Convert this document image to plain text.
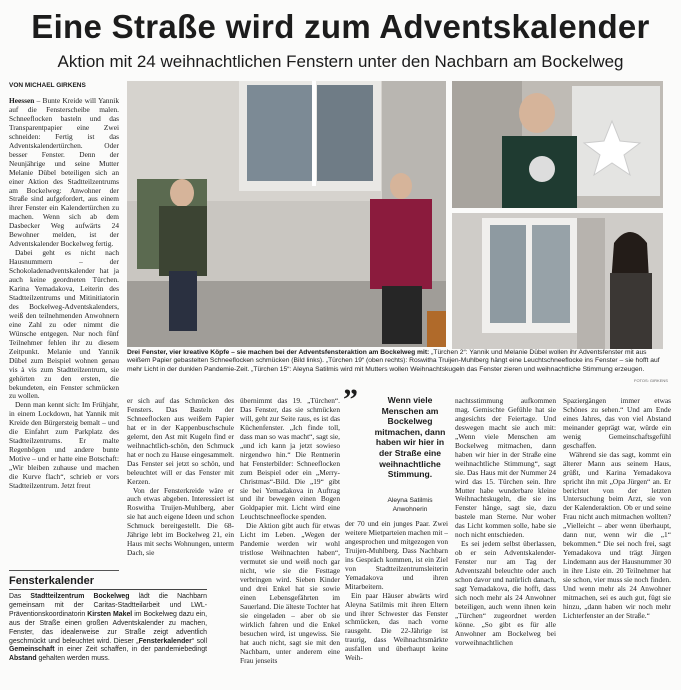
Eine Straße wird zum Adventskalender
Aktion mit 24 weihnachtlichen Fenstern unter den Nachbarn am Bockelweg
VON MICHAEL GIRKENS
Drei Fenster, vier kreative Köpfe – sie machen bei der Adventsfensteraktion am Bockelweg mit: „Türchen 2“: Yannik und Melanie Dübel wollen ihr Adventsfenster mit aus weißem Papier gebastelten Schneeflocken schmücken (Bild links). „Türchen 19“ (oben rechts): Roswitha Truijen-Muhlberg hängt eine Leuchtschneeflocke ins Fenster – sie hofft auf mehr Licht in der dunklen Pandemie-Zeit. „Türchen 15“: Aleyna Satilmis wird mit Mutters wollen Weihnachtskugeln das Fenster zieren und weihnachtliche Stimmung erzeugen.
FOTOS: GIRKENS

Heessen – Bunte Kreide will Yannik auf die Fensterscheibe malen. Schneeflocken basteln und das Transparentpapier eine Zwei schneiden: Fertig ist das Adventskalendertürchen. Oder besser Fenster. Denn der Neunjährige und seine Mutter Melanie Dübel beteiligen sich an einer Aktion des Stadtteilzentrums am Bockelweg: Anwohner der Straße sind aufgefordert, aus einem ihrer Fenster ein Kalendertürchen zu machen. Wenn sich ab dem Dasbecker Weg aufwärts 24 Bewohner melden, ist der Adventskalender Bockelweg fertig.

Dabei geht es nicht nach Hausnummern – der Schokoladenadventskalender hat ja auch keine geordneten Türchen. Karina Yemadakova, Leiterin des Stadtteilzentrums und Mitinitiatorin des Bockelweg-Adventskalenders, weiß den teilnehmenden Anwohnern eine Zahl zu oder nimmt die Wünsche entgegen. Nur noch fünf Teilnehmer fehlen ihr zu diesem Zeitpunkt. Melanie und Yannik Dübel zum Beispiel wohnen genau vis à vis zum Stadtteilzentrum, sie gehörten zu den ersten, die bekundeten, ein Fenster schmücken zu wollen.

Denn man kennt sich: Im Frühjahr, in einem Lockdown, hat Yannik mit Kreide den Bürgersteig bemalt – und die Einfahrt zum Parkplatz des Stadtteilzentrums. Er malte Regenbögen und andere bunte Motive – und er hatte eine Botschaft: „Wir bleiben zuhause und machen die Kurve flach“, schrieb er vors Stadtteilzentrum. Jetzt freut

Fensterkalender
Das Stadtteilzentrum Bockelweg lädt die Nachbarn gemeinsam mit der Caritas-Stadtteilarbeit und LWL-Präventionskoordinatorin Kirsten Makel im Bockelweg dazu ein, aus der Straße einen großen Adventskalender zu machen, Fenster, das idealerweise zur Straße zeigt adventlich geschmückt und beleuchtet wird. Dieser „Fensterkalender“ soll Gemeinschaft in einer Zeit schaffen, in der pandemiebedingt Abstand gehalten werden muss.

er sich auf das Schmücken des Fensters. Das Basteln der Schneeflocken aus weißem Papier hat er in der Kappenbuschschule gelernt, den Ast mit Kugeln find er weihnachtlich-schön, den Schmuck hat er noch zu Hause eingesammelt. Das Fenster sei jetzt so schön, und beleuchtet will er das Fenster mit Kerzen.

Von der Fensterkreide wäre er auch etwas abgeben. Interessiert ist Roswitha Truijen-Muhlberg, aber sie hat auch eigene Ideen und schon Schmuck bereitgestellt. Die 68-Jährige lebt im Bockelweg 21, ein Haus mit sechs Wohnungen, unterm Dach, sie

übernimmt das 19. „Türchen“. Das Fenster, das sie schmücken will, geht zur Seite raus, es ist das Küchenfenster. „Ich finde toll, dass man so was macht“, sagt sie, „und ich kann ja jetzt sowieso nirgendwo hin.“ Die Rentnerin hat Fensterbilder: Schneeflocken zum Beispiel oder ein „Merry-Christmas“-Bild. Die „19“ gibt sie bei Yemadakova in Auftrag und ihr bewegen einen Bogen Goldpapier mit. Licht wird eine Leuchtschneeflocke spenden.

Die Aktion gibt auch für etwas Licht im Leben. „Wegen der Pandemie werden wir wohl tristlose Weihnachten haben“, vermutet sie und weiß noch gar nicht, wie sie die Festtage verbringen wird. Sieben Kinder und drei Enkel hat sie sowie einen Lebensgefährten im Sauerland. Die älteste Tochter hat sie eingeladen – aber ob sie wirklich fahren und die Enkel besuchen wird, ist ungewiss. Sie hat auch nicht, sagt sie mit den Nachbarn, unter anderem eine Frau jenseits

”	Wenn viele Menschen am Bockelweg mitmachen, dann haben wir hier in der Straße eine weihnachtliche Stimmung.
Aleyna Satilmis
Anwohnerin

der 70 und ein junges Paar. Zwei weitere Mietparteien machen mit – angesprochen und mitgezogen von Truijen-Muhlberg. Dass Nachbarn ins Gespräch kommen, ist ein Ziel von Stadtteilzentrumsleiterin Yemadakova und ihren Mitarbeitern.

Ein paar Häuser abwärts wird Aleyna Satilmis mit ihren Eltern und ihrer Schwester das Fenster schmücken, das nach vorne rausgeht. Die 22-Jährige ist traurig, dass Weihnachtsmärkte ausfallen und überhaupt keine Weih-

nachtsstimmung aufkommen mag. Gemischte Gefühle hat sie angesichts der Feiertage. Und deswegen macht sie auch mit: „Wenn viele Menschen am Bockelweg mitmachen, dann haben wir hier in der Straße eine weihnachtliche Stimmung“, sagt sie. Das Haus mit der Nummer 24 wird das 15. Türchen sein. Ihre Mutter habe wunderbare kleine Weihnachtskugeln, die sie ins Fenster hänge, sagt sie, dazu bastele man Sterne. Nur woher das Licht kommen solle, habe sie noch nicht entschieden.

Es sei jedem selbst überlassen, ob er sein Adventskalender-Fenster nur am Tag der Adventszahl beleuchte oder auch schon davor und natürlich danach, sagt Yemadakova, die hofft, dass sich noch mehr als 24 Anwohner beteiligen, auch wenn ihnen kein „Türchen“ zugeordnet werden könne. „So gibt es für alle Anwohner am Bockelweg bei vorweihnachtlichen

Spaziergängen immer etwas Schönes zu sehen.“ Und am Ende eines Jahres, das von viel Abstand meinander geprägt war, würde ein wenig Gemeinschaftsgefühl geschaffen.

Während sie das sagt, kommt ein älterer Mann aus seinem Haus, grüßt, und Karina Yemadakova spricht ihn mit „Opa Jürgen“ an. Er berichtet von der letzten Untersuchung beim Arzt, sie von der Kalenderaktion. Ob er und seine Frau nicht auch mitmachen wollten? „Vielleicht – aber wenn überhaupt, dann nur, wenn wir die „1“ bekommen.“ Die sei noch frei, sagt Yemadakova und trägt Jürgen Lindemann aus der Hausnummer 30 in ihre Liste ein. 20 Teilnehmer hat sie schon, vier muss sie noch finden. Und wenn mehr als 24 Anwohner mitmachen, sei es auch gut, fügt sie hinzu, „dann haben wir noch mehr Lichterfenster an der Straße.“
